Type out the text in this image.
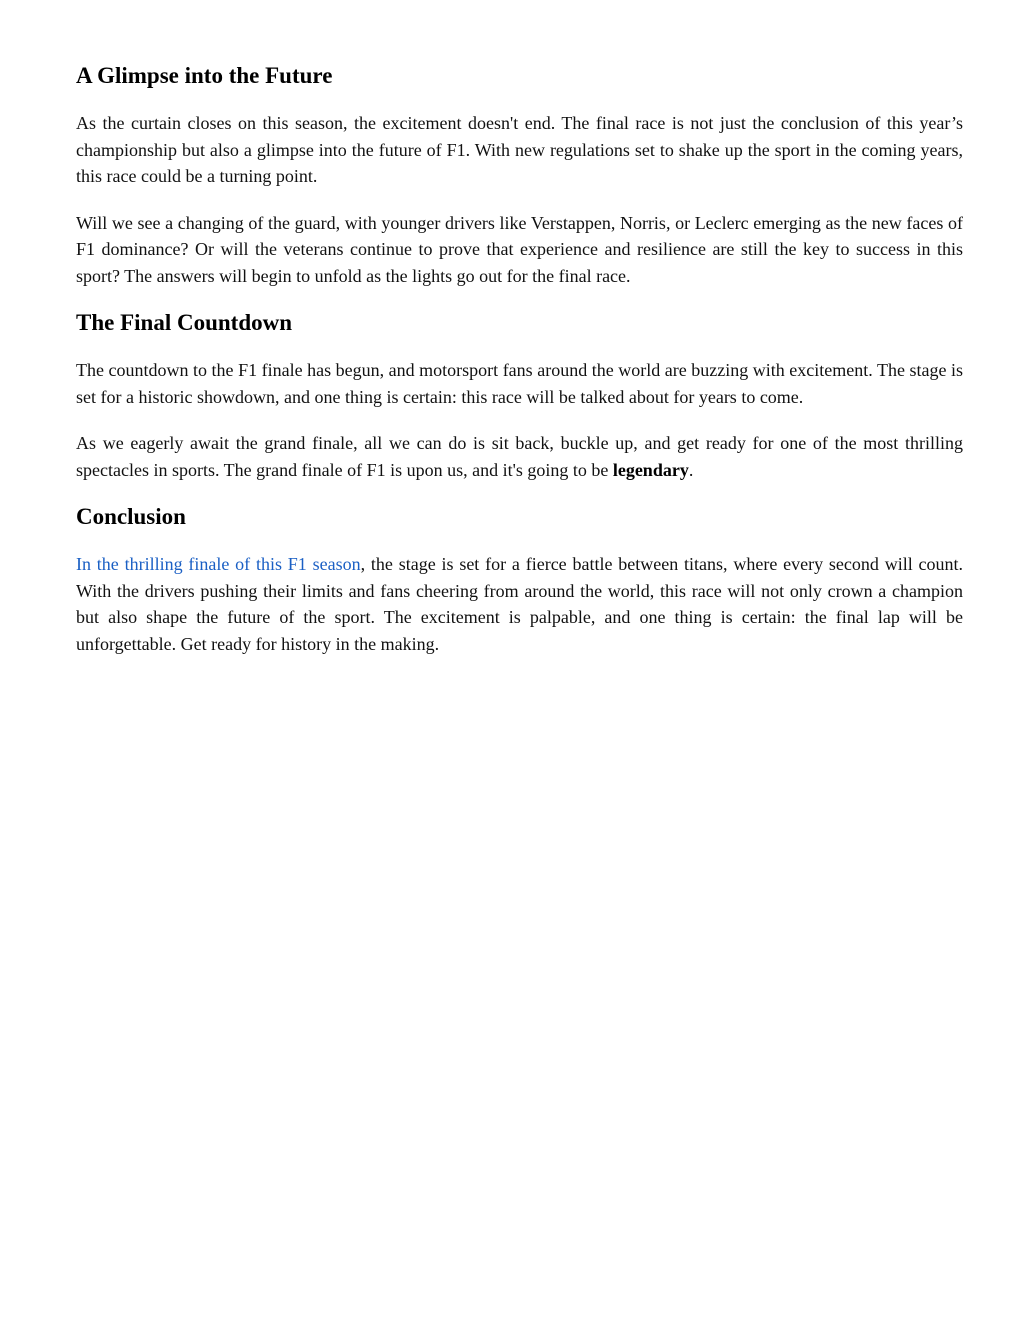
A Glimpse into the Future

As the curtain closes on this season, the excitement doesn't end. The final race is not just the conclusion of this year’s championship but also a glimpse into the future of F1. With new regulations set to shake up the sport in the coming years, this race could be a turning point.

Will we see a changing of the guard, with younger drivers like Verstappen, Norris, or Leclerc emerging as the new faces of F1 dominance? Or will the veterans continue to prove that experience and resilience are still the key to success in this sport? The answers will begin to unfold as the lights go out for the final race.

The Final Countdown

The countdown to the F1 finale has begun, and motorsport fans around the world are buzzing with excitement. The stage is set for a historic showdown, and one thing is certain: this race will be talked about for years to come.

As we eagerly await the grand finale, all we can do is sit back, buckle up, and get ready for one of the most thrilling spectacles in sports. The grand finale of F1 is upon us, and it's going to be legendary.

Conclusion

In the thrilling finale of this F1 season, the stage is set for a fierce battle between titans, where every second will count. With the drivers pushing their limits and fans cheering from around the world, this race will not only crown a champion but also shape the future of the sport. The excitement is palpable, and one thing is certain: the final lap will be unforgettable. Get ready for history in the making.
